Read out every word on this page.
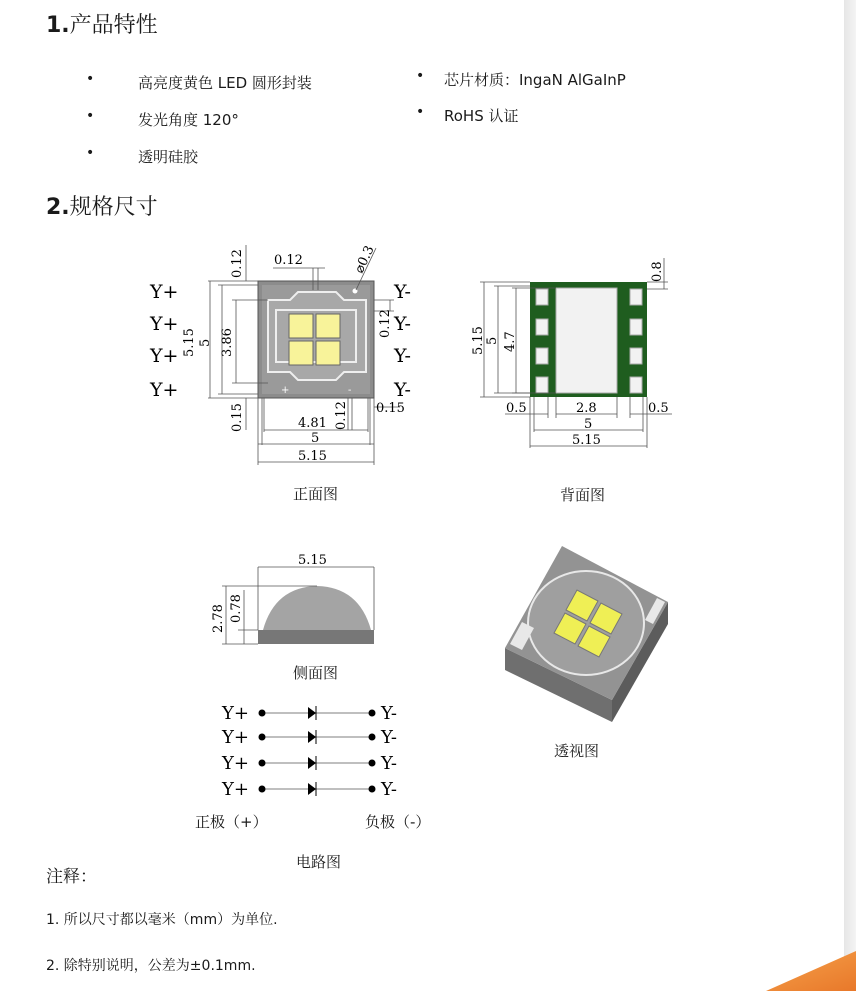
1.产品特性
•	高亮度黄色 LED 圆形封装
•	发光角度 120°
•	透明硅胶
• 芯片材质：IngaN AlGaInP
• RoHS 认证
2.规格尺寸
+	-
Y+
Y+
Y+
Y+
Y-
Y-
Y-
Y-
0.12 0.12	⌀0.3
0.12
5.15 5 3.86
0.15	4.81 0.12 0.15
5
5.15
0.8
5.15 5 4.7
0.5	2.8	0.5
5
5.15
5.15
2.78 0.78
Y+
Y+
Y+
Y+
Y-
Y-
Y-
Y-
正面图	背面图
侧面图
透视图
正极（+）	负极（-）
电路图
注释：
1. 所以尺寸都以毫米（mm）为单位.
2. 除特别说明，公差为±0.1mm.
